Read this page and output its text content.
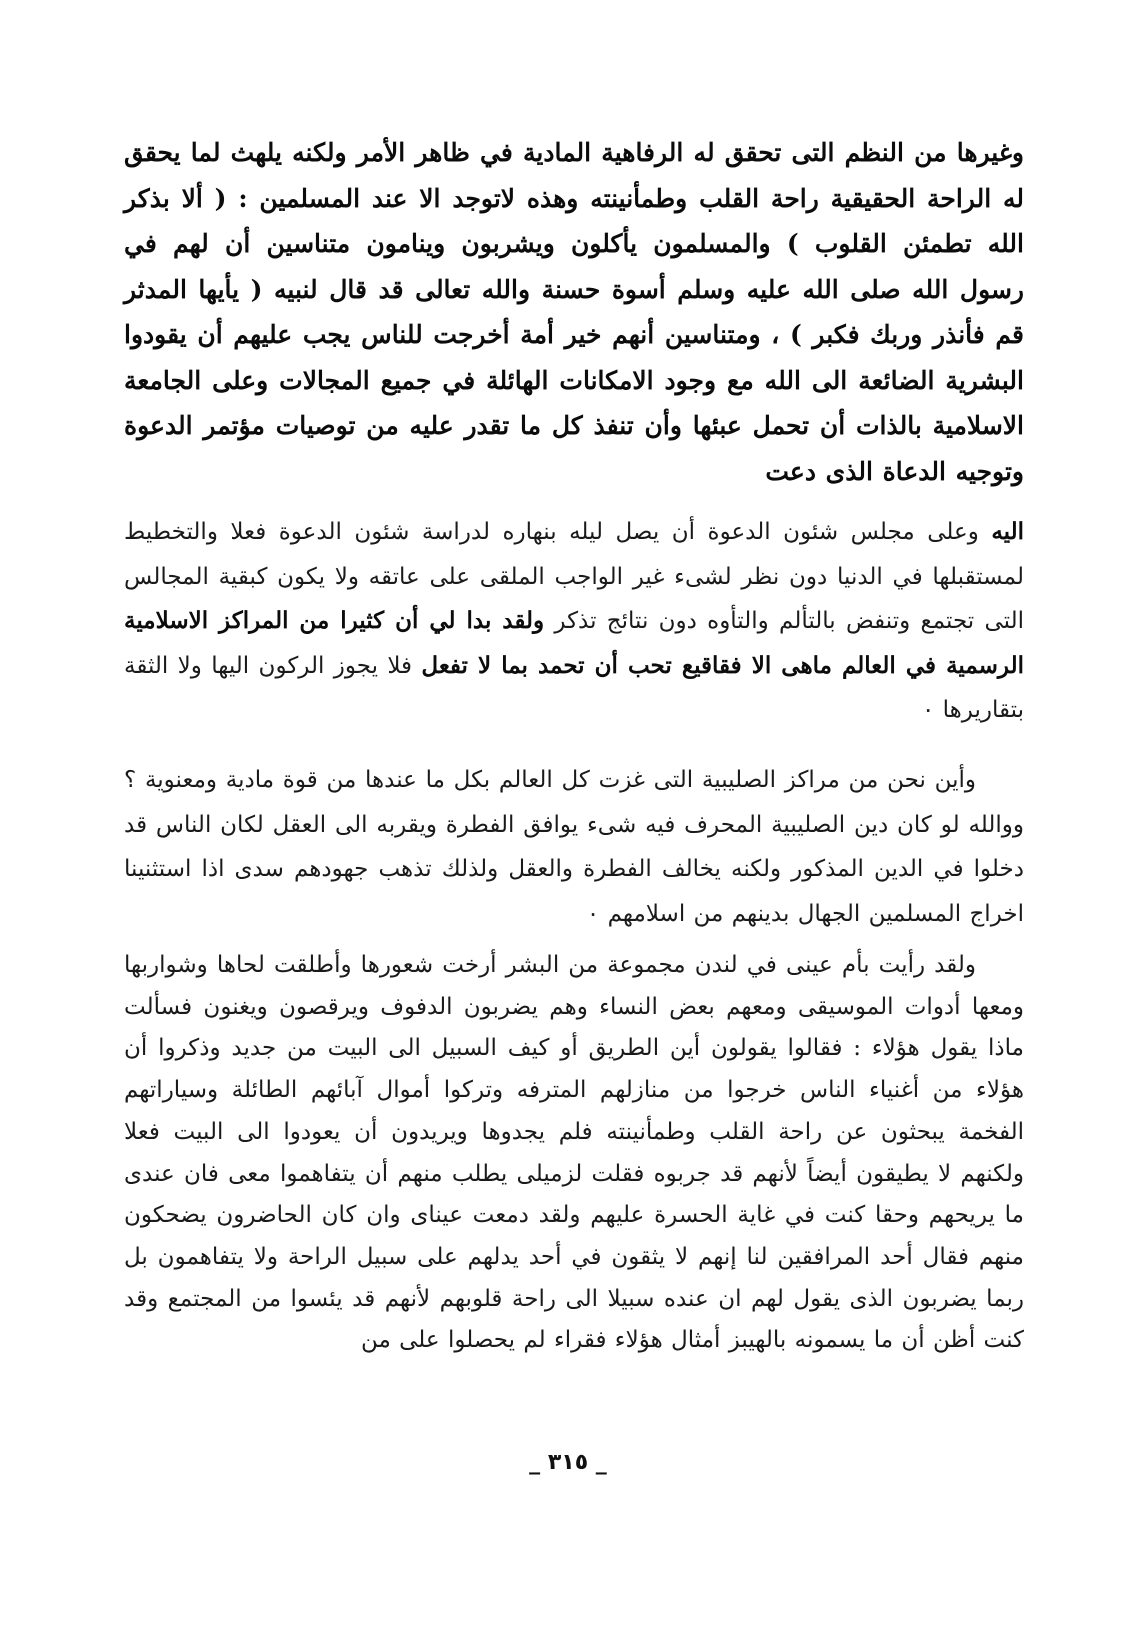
وغيرها من النظم التى تحقق له الرفاهية المادية في ظاهر الأمر ولكنه يلهث لما يحقق له الراحة الحقيقية راحة القلب وطمأنينته وهذه لاتوجد الا عند المسلمين : ( ألا بذكر الله تطمئن القلوب ) والمسلمون يأكلون ويشربون وينامون متناسين أن لهم في رسول الله صلى الله عليه وسلم أسوة حسنة والله تعالى قد قال لنبيه ( يأيها المدثر قم فأنذر وربك فكبر ) ، ومتناسين أنهم خير أمة أخرجت للناس يجب عليهم أن يقودوا البشرية الضائعة الى الله مع وجود الامكانات الهائلة في جميع المجالات وعلى الجامعة الاسلامية بالذات أن تحمل عبئها وأن تنفذ كل ما تقدر عليه من توصيات مؤتمر الدعوة وتوجيه الدعاة الذى دعت
اليه وعلى مجلس شئون الدعوة أن يصل ليله بنهاره لدراسة شئون الدعوة فعلا والتخطيط لمستقبلها في الدنيا دون نظر لشىء غير الواجب الملقى على عاتقه ولا يكون كبقية المجالس التى تجتمع وتنفض بالتألم والتأوه دون نتائج تذكر ولقد بدا لي أن كثيرا من المراكز الاسلامية الرسمية في العالم ماهى الا فقاقيع تحب أن تحمد بما لا تفعل فلا يجوز الركون اليها ولا الثقة بتقاريرها ٠
وأين نحن من مراكز الصليبية التى غزت كل العالم بكل ما عندها من قوة مادية ومعنوية ؟ ووالله لو كان دين الصليبية المحرف فيه شىء يوافق الفطرة ويقربه الى العقل لكان الناس قد دخلوا في الدين المذكور ولكنه يخالف الفطرة والعقل ولذلك تذهب جهودهم سدى اذا استثنينا اخراج المسلمين الجهال بدينهم من اسلامهم ٠
ولقد رأيت بأم عينى في لندن مجموعة من البشر أرخت شعورها وأطلقت لحاها وشواربها ومعها أدوات الموسيقى ومعهم بعض النساء وهم يضربون الدفوف ويرقصون ويغنون فسألت ماذا يقول هؤلاء : فقالوا يقولون أين الطريق أو كيف السبيل الى البيت من جديد وذكروا أن هؤلاء من أغنياء الناس خرجوا من منازلهم المترفه وتركوا أموال آبائهم الطائلة وسياراتهم الفخمة يبحثون عن راحة القلب وطمأنينته فلم يجدوها ويريدون أن يعودوا الى البيت فعلا ولكنهم لا يطيقون أيضاً لأنهم قد جربوه فقلت لزميلى يطلب منهم أن يتفاهموا معى فان عندى ما يريحهم وحقا كنت في غاية الحسرة عليهم ولقد دمعت عيناى وان كان الحاضرون يضحكون منهم فقال أحد المرافقين لنا إنهم لا يثقون في أحد يدلهم على سبيل الراحة ولا يتفاهمون بل ربما يضربون الذى يقول لهم ان عنده سبيلا الى راحة قلوبهم لأنهم قد يئسوا من المجتمع وقد كنت أظن أن ما يسمونه بالهيبز أمثال هؤلاء فقراء لم يحصلوا على من
_ ٣١٥ _
